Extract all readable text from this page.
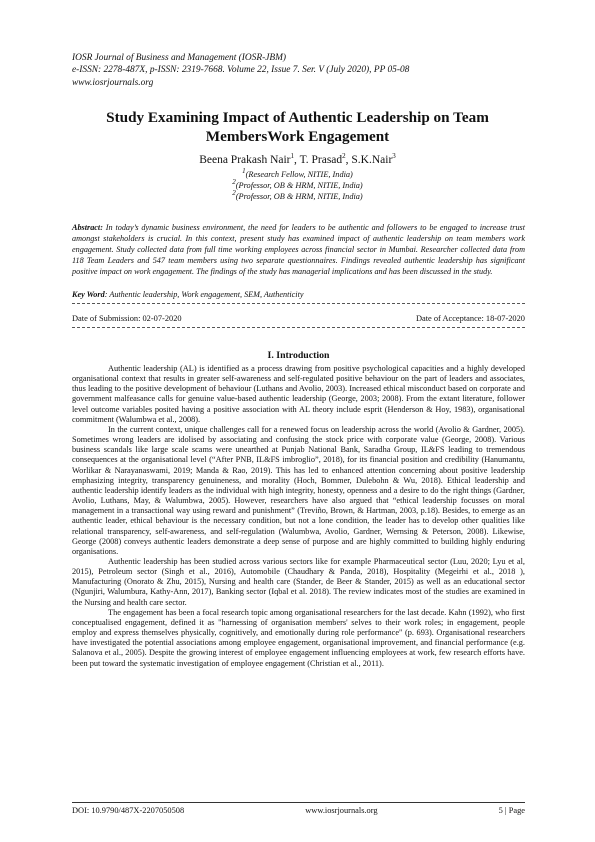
IOSR Journal of Business and Management (IOSR-JBM)
e-ISSN: 2278-487X, p-ISSN: 2319-7668. Volume 22, Issue 7. Ser. V (July 2020), PP 05-08
www.iosrjournals.org
Study Examining Impact of Authentic Leadership on Team
MembersWork Engagement
Beena Prakash Nair$^1$, T. Prasad$^2$, S.K.Nair$^3$
$^1$(Research Fellow, NITIE, India)
$^2$(Professor, OB & HRM, NITIE, India)
$^2$(Professor, OB & HRM, NITIE, India)
Abstract: In today’s dynamic business environment, the need for leaders to be authentic and followers to be engaged to increase trust amongst stakeholders is crucial. In this context, present study has examined impact of authentic leadership on team members work engagement. Study collected data from full time working employees across financial sector in Mumbai. Researcher collected data from 118 Team Leaders and 547 team members using two separate questionnaires. Findings revealed authentic leadership has significant positive impact on work engagement. The findings of the study has managerial implications and has been discussed in the study.
Key Word: Authentic leadership, Work engagement, SEM, Authenticity
Date of Submission: 02-07-2020	Date of Acceptance: 18-07-2020
I. Introduction

Authentic leadership (AL) is identified as a process drawing from positive psychological capacities and a highly developed organisational context that results in greater self-awareness and self-regulated positive behaviour on the part of leaders and associates, thus leading to the positive development of behaviour (Luthans and Avolio, 2003). Increased ethical misconduct based on corporate and government malfeasance calls for genuine value-based authentic leadership (George, 2003; 2008). From the extant literature, follower level outcome variables posited having a positive association with AL theory include esprit (Henderson & Hoy, 1983), organisational commitment (Walumbwa et al., 2008).

In the current context, unique challenges call for a renewed focus on leadership across the world (Avolio & Gardner, 2005). Sometimes wrong leaders are idolised by associating and confusing the stock price with corporate value (George, 2008). Various business scandals like large scale scams were unearthed at Punjab National Bank, Saradha Group, IL&FS leading to tremendous consequences at the organisational level (“After PNB, IL&FS imbroglio”, 2018), for its financial position and credibility (Hanumantu, Worlikar & Narayanaswami, 2019; Manda & Rao, 2019). This has led to enhanced attention concerning about positive leadership emphasizing integrity, transparency genuineness, and morality (Hoch, Bommer, Dulebohn & Wu, 2018). Ethical leadership and authentic leadership identify leaders as the individual with high integrity, honesty, openness and a desire to do the right things (Gardner, Avolio, Luthans, May, & Walumbwa, 2005). However, researchers have also argued that “ethical leadership focusses on moral management in a transactional way using reward and punishment” (Treviño, Brown, & Hartman, 2003, p.18). Besides, to emerge as an authentic leader, ethical behaviour is the necessary condition, but not a lone condition, the leader has to develop other qualities like relational transparency, self-awareness, and self-regulation (Walumbwa, Avolio, Gardner, Wernsing & Peterson, 2008). Likewise, George (2008) conveys authentic leaders demonstrate a deep sense of purpose and are highly committed to building highly enduring organisations.

Authentic leadership has been studied across various sectors like for example Pharmaceutical sector (Luu, 2020; Lyu et al, 2015), Petroleum sector (Singh et al., 2016), Automobile (Chaudhary & Panda, 2018), Hospitality (Megeirhi et al., 2018 ), Manufacturing (Onorato & Zhu, 2015), Nursing and health care (Stander, de Beer & Stander, 2015) as well as an educational sector (Ngunjiri, Walumbura, Kathy-Ann, 2017), Banking sector (Iqbal et al. 2018). The review indicates most of the studies are examined in the Nursing and health care sector.

The engagement has been a focal research topic among organisational researchers for the last decade. Kahn (1992), who first conceptualised engagement, defined it as "harnessing of organisation members' selves to their work roles; in engagement, people employ and express themselves physically, cognitively, and emotionally during role performance" (p. 693). Organisational researchers have investigated the potential associations among employee engagement, organisational improvement, and financial performance (e.g. Salanova et al., 2005). Despite the growing interest of employee engagement influencing employees at work, few research efforts have. been put toward the systematic investigation of employee engagement (Christian et al., 2011).

DOI: 10.9790/487X-2207050508	www.iosrjournals.org	5 | Page
